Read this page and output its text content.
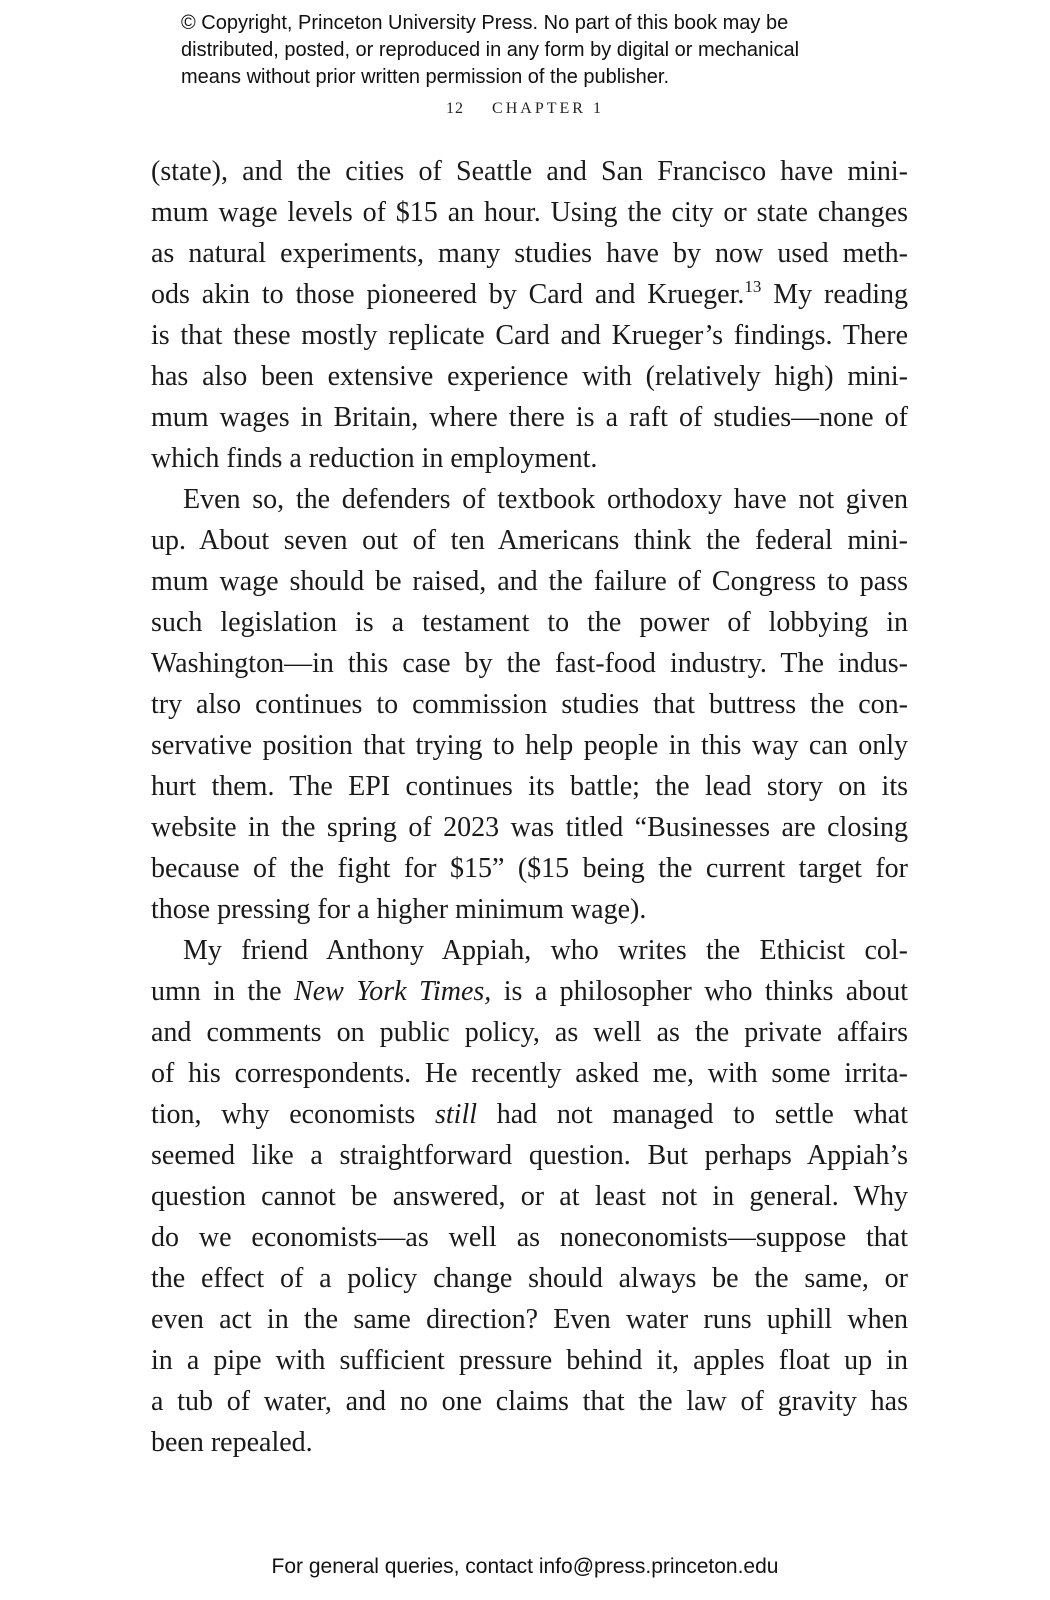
© Copyright, Princeton University Press. No part of this book may be
distributed, posted, or reproduced in any form by digital or mechanical
means without prior written permission of the publisher.
12 CHAPTER 1
(state), and the cities of Seattle and San Francisco have mini-
mum wage levels of $15 an hour. Using the city or state changes
as natural experiments, many studies have by now used meth-
ods akin to those pioneered by Card and Krueger.$^{13}$ My reading
is that these mostly replicate Card and Krueger’s findings. There
has also been extensive experience with (relatively high) mini-
mum wages in Britain, where there is a raft of studies—none of
which finds a reduction in employment.
Even so, the defenders of textbook orthodoxy have not given
up. About seven out of ten Americans think the federal mini-
mum wage should be raised, and the failure of Congress to pass
such legislation is a testament to the power of lobbying in
Washington—in this case by the fast-food industry. The indus-
try also continues to commission studies that buttress the con-
servative position that trying to help people in this way can only
hurt them. The EPI continues its battle; the lead story on its
website in the spring of 2023 was titled “Businesses are closing
because of the fight for $15” ($15 being the current target for
those pressing for a higher minimum wage).
My friend Anthony Appiah, who writes the Ethicist col-
umn in the New York Times, is a philosopher who thinks about
and comments on public policy, as well as the private affairs
of his correspondents. He recently asked me, with some irrita-
tion, why economists still had not managed to settle what
seemed like a straightforward question. But perhaps Appiah’s
question cannot be answered, or at least not in general. Why
do we economists—as well as noneconomists—suppose that
the effect of a policy change should always be the same, or
even act in the same direction? Even water runs uphill when
in a pipe with sufficient pressure behind it, apples float up in
a tub of water, and no one claims that the law of gravity has
been repealed.
For general queries, contact info@press.princeton.edu
